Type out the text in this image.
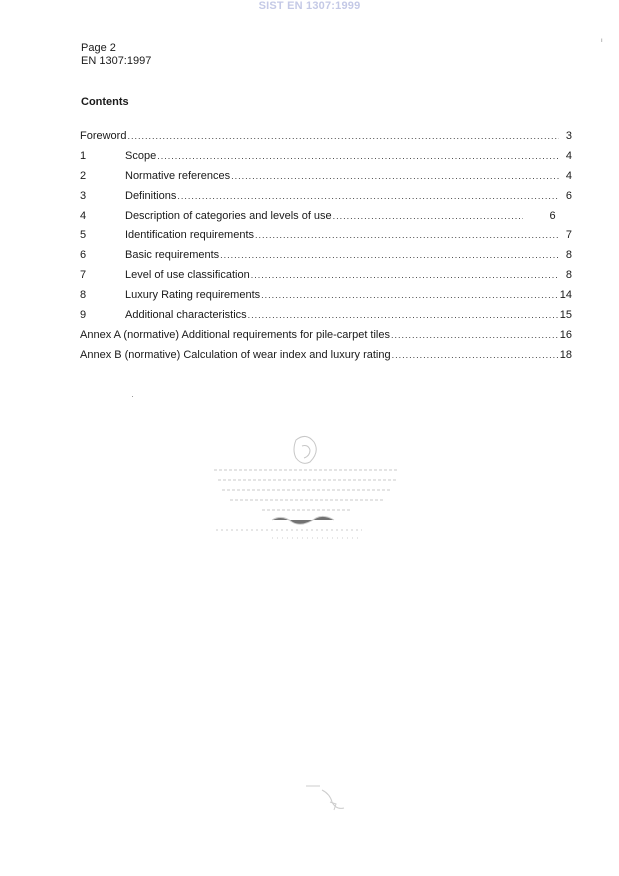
SIST EN 1307:1999
ı
Page 2
EN 1307:1997
Contents
Foreword .....	3
1	Scope .....	4
2	Normative references .....	4
3	Definitions .....	6
4	Description of categories and levels of use .....	6
5	Identification requirements .....	7
6	Basic requirements .....	8
7	Level of use classification .....	8
8	Luxury Rating requirements .....	14
9	Additional characteristics .....	15
Annex A (normative) Additional requirements for pile-carpet tiles .....	16
Annex B (normative) Calculation of wear index and luxury rating .....	18
